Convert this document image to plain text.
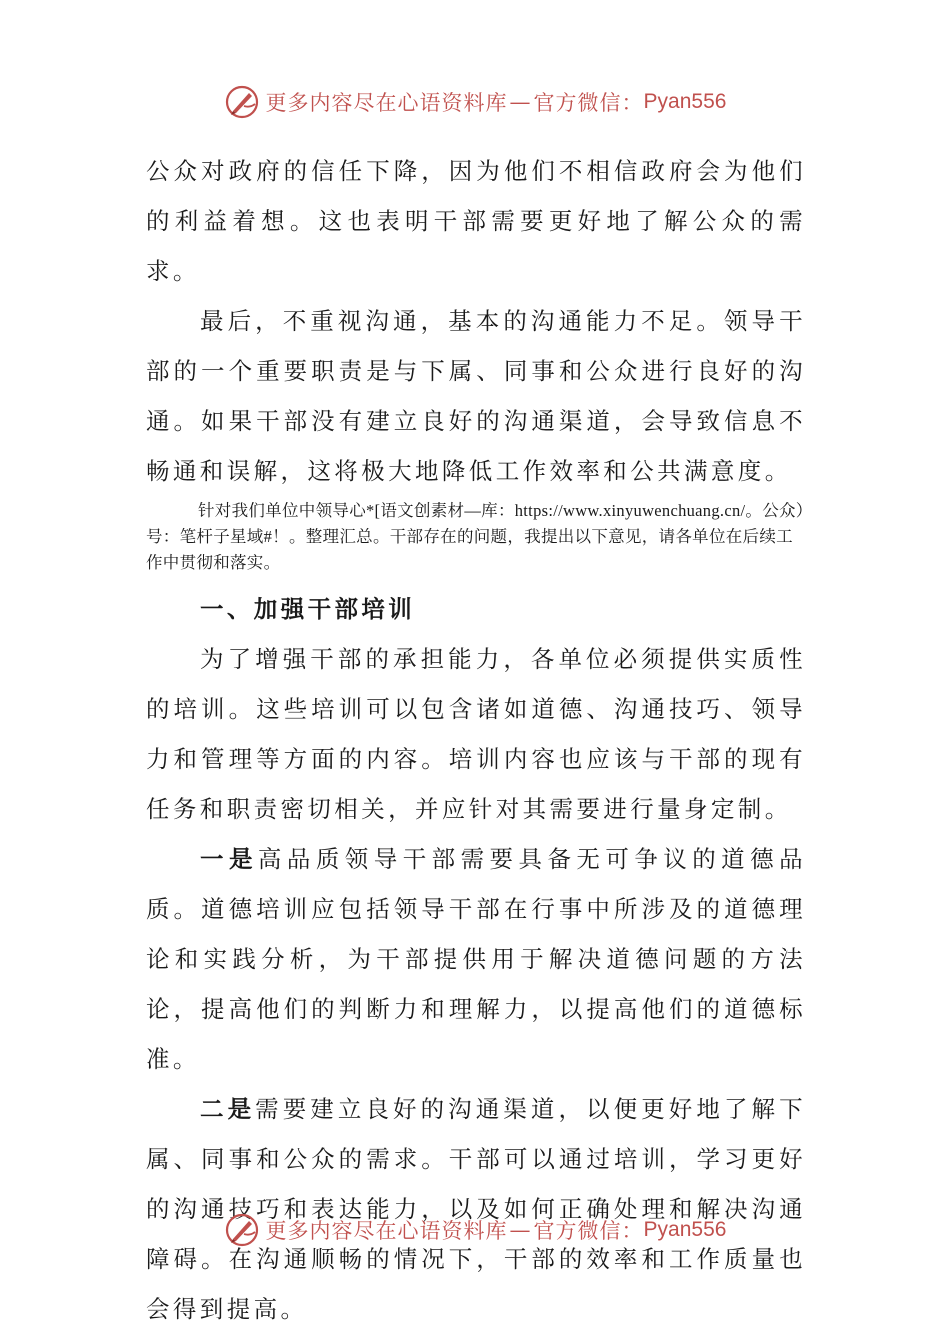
更多内容尽在心语资料库 — 官方微信： Pyan556

公众对政府的信任下降，因为他们不相信政府会为他们的利益着想。这也表明干部需要更好地了解公众的需求。

最后，不重视沟通，基本的沟通能力不足。领导干部的一个重要职责是与下属、同事和公众进行良好的沟通。如果干部没有建立良好的沟通渠道，会导致信息不畅通和误解，这将极大地降低工作效率和公共满意度。

针对我们单位中领导心*[语文创素材—库：https://www.xinyuwenchuang.cn/。公众）号：笔杆子星域#！。整理汇总。干部存在的问题，我提出以下意见，请各单位在后续工作中贯彻和落实。

一、加强干部培训

为了增强干部的承担能力，各单位必须提供实质性的培训。这些培训可以包含诸如道德、沟通技巧、领导力和管理等方面的内容。培训内容也应该与干部的现有任务和职责密切相关，并应针对其需要进行量身定制。

一是高品质领导干部需要具备无可争议的道德品质。道德培训应包括领导干部在行事中所涉及的道德理论和实践分析，为干部提供用于解决道德问题的方法论，提高他们的判断力和理解力，以提高他们的道德标准。

二是需要建立良好的沟通渠道，以便更好地了解下属、同事和公众的需求。干部可以通过培训，学习更好的沟通技巧和表达能力，以及如何正确处理和解决沟通障碍。在沟通顺畅的情况下，干部的效率和工作质量也会得到提高。

更多内容尽在心语资料库 — 官方微信： Pyan556
